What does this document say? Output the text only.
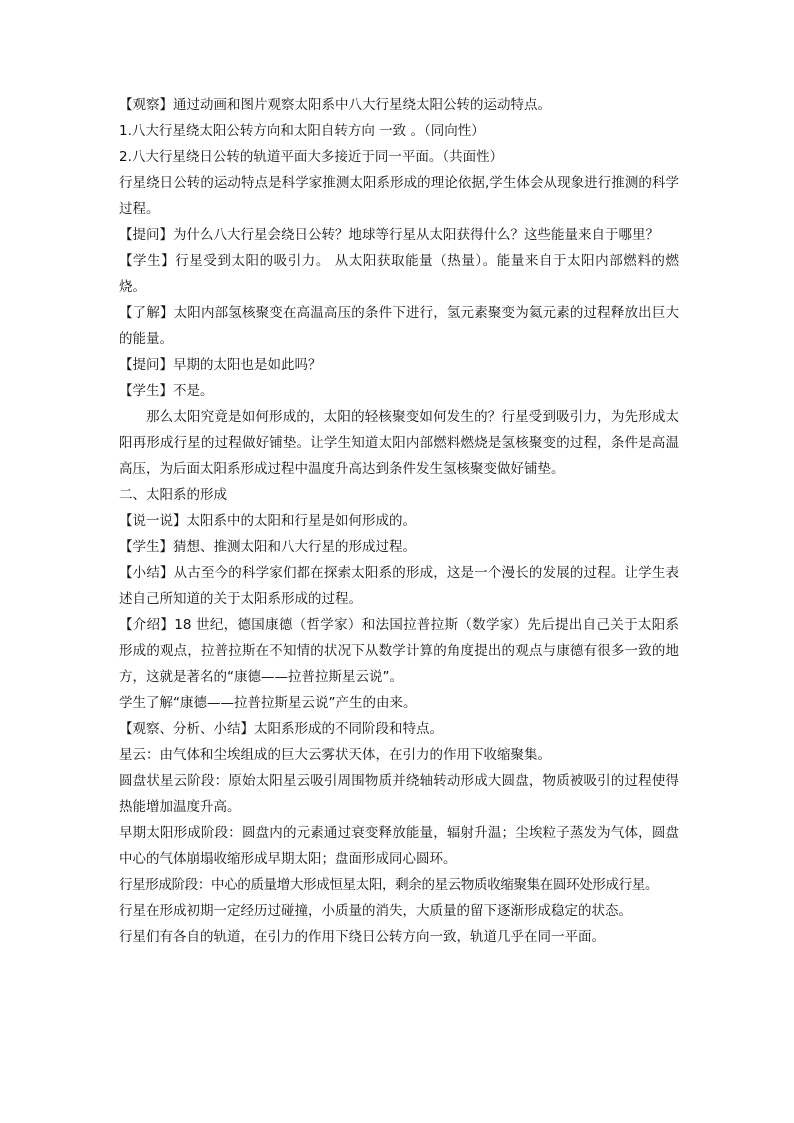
【观察】通过动画和图片观察太阳系中八大行星绕太阳公转的运动特点。
1.八大行星绕太阳公转方向和太阳自转方向 一致 。（同向性）
2.八大行星绕日公转的轨道平面大多接近于同一平面。（共面性）
行星绕日公转的运动特点是科学家推测太阳系形成的理论依据,学生体会从现象进行推测的科学过程。
【提问】为什么八大行星会绕日公转？地球等行星从太阳获得什么？这些能量来自于哪里？
【学生】行星受到太阳的吸引力。 从太阳获取能量（热量）。能量来自于太阳内部燃料的燃烧。
【了解】太阳内部氢核聚变在高温高压的条件下进行，氢元素聚变为氦元素的过程释放出巨大的能量。
【提问】早期的太阳也是如此吗？
【学生】不是。
那么太阳究竟是如何形成的，太阳的轻核聚变如何发生的？行星受到吸引力，为先形成太阳再形成行星的过程做好铺垫。让学生知道太阳内部燃料燃烧是氢核聚变的过程，条件是高温高压，为后面太阳系形成过程中温度升高达到条件发生氢核聚变做好铺垫。
二、太阳系的形成
【说一说】太阳系中的太阳和行星是如何形成的。
【学生】猜想、推测太阳和八大行星的形成过程。
【小结】从古至今的科学家们都在探索太阳系的形成，这是一个漫长的发展的过程。让学生表述自己所知道的关于太阳系形成的过程。
【介绍】18 世纪，德国康德（哲学家）和法国拉普拉斯（数学家）先后提出自己关于太阳系形成的观点，拉普拉斯在不知情的状况下从数学计算的角度提出的观点与康德有很多一致的地方，这就是著名的“康德——拉普拉斯星云说”。
学生了解“康德——拉普拉斯星云说”产生的由来。
【观察、分析、小结】太阳系形成的不同阶段和特点。
星云：由气体和尘埃组成的巨大云雾状天体，在引力的作用下收缩聚集。
圆盘状星云阶段：原始太阳星云吸引周围物质并绕轴转动形成大圆盘，物质被吸引的过程使得热能增加温度升高。
早期太阳形成阶段：圆盘内的元素通过衰变释放能量，辐射升温；尘埃粒子蒸发为气体，圆盘中心的气体崩塌收缩形成早期太阳；盘面形成同心圆环。
行星形成阶段：中心的质量增大形成恒星太阳，剩余的星云物质收缩聚集在圆环处形成行星。
行星在形成初期一定经历过碰撞，小质量的消失，大质量的留下逐渐形成稳定的状态。
行星们有各自的轨道，在引力的作用下绕日公转方向一致，轨道几乎在同一平面。
